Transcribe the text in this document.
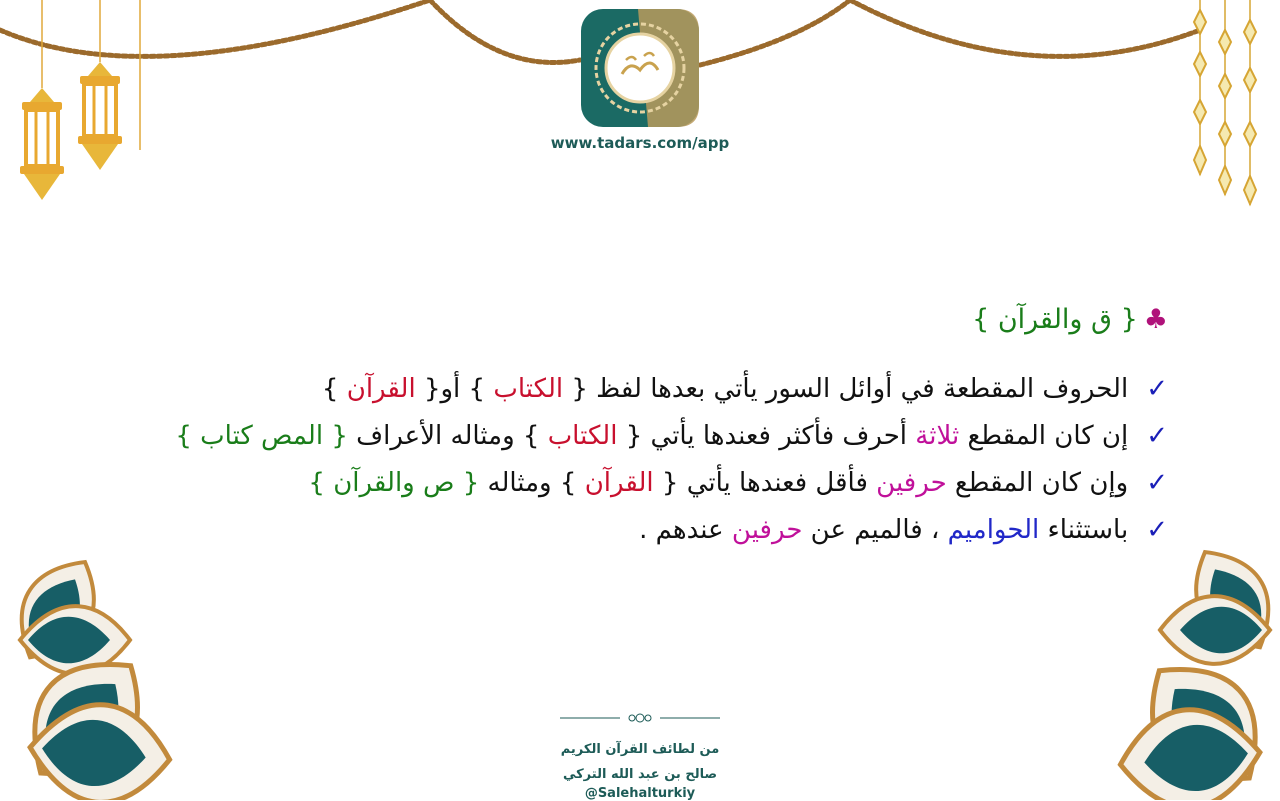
www.tadars.com/app
♣{ ق والقرآن }
✓الحروف المقطعة في أوائل السور يأتي بعدها لفظ { الكتاب } أو{ القرآن }
✓إن كان المقطع ثلاثة أحرف فأكثر فعندها يأتي { الكتاب } ومثاله الأعراف { المص كتاب }
✓وإن كان المقطع حرفين فأقل فعندها يأتي { القرآن } ومثاله { ص والقرآن }
✓باستثناء الحواميم ، فالميم عن حرفين عندهم .
من لطائف القرآن الكريم
صالح بن عبد الله التركي
@Salehalturkiy
